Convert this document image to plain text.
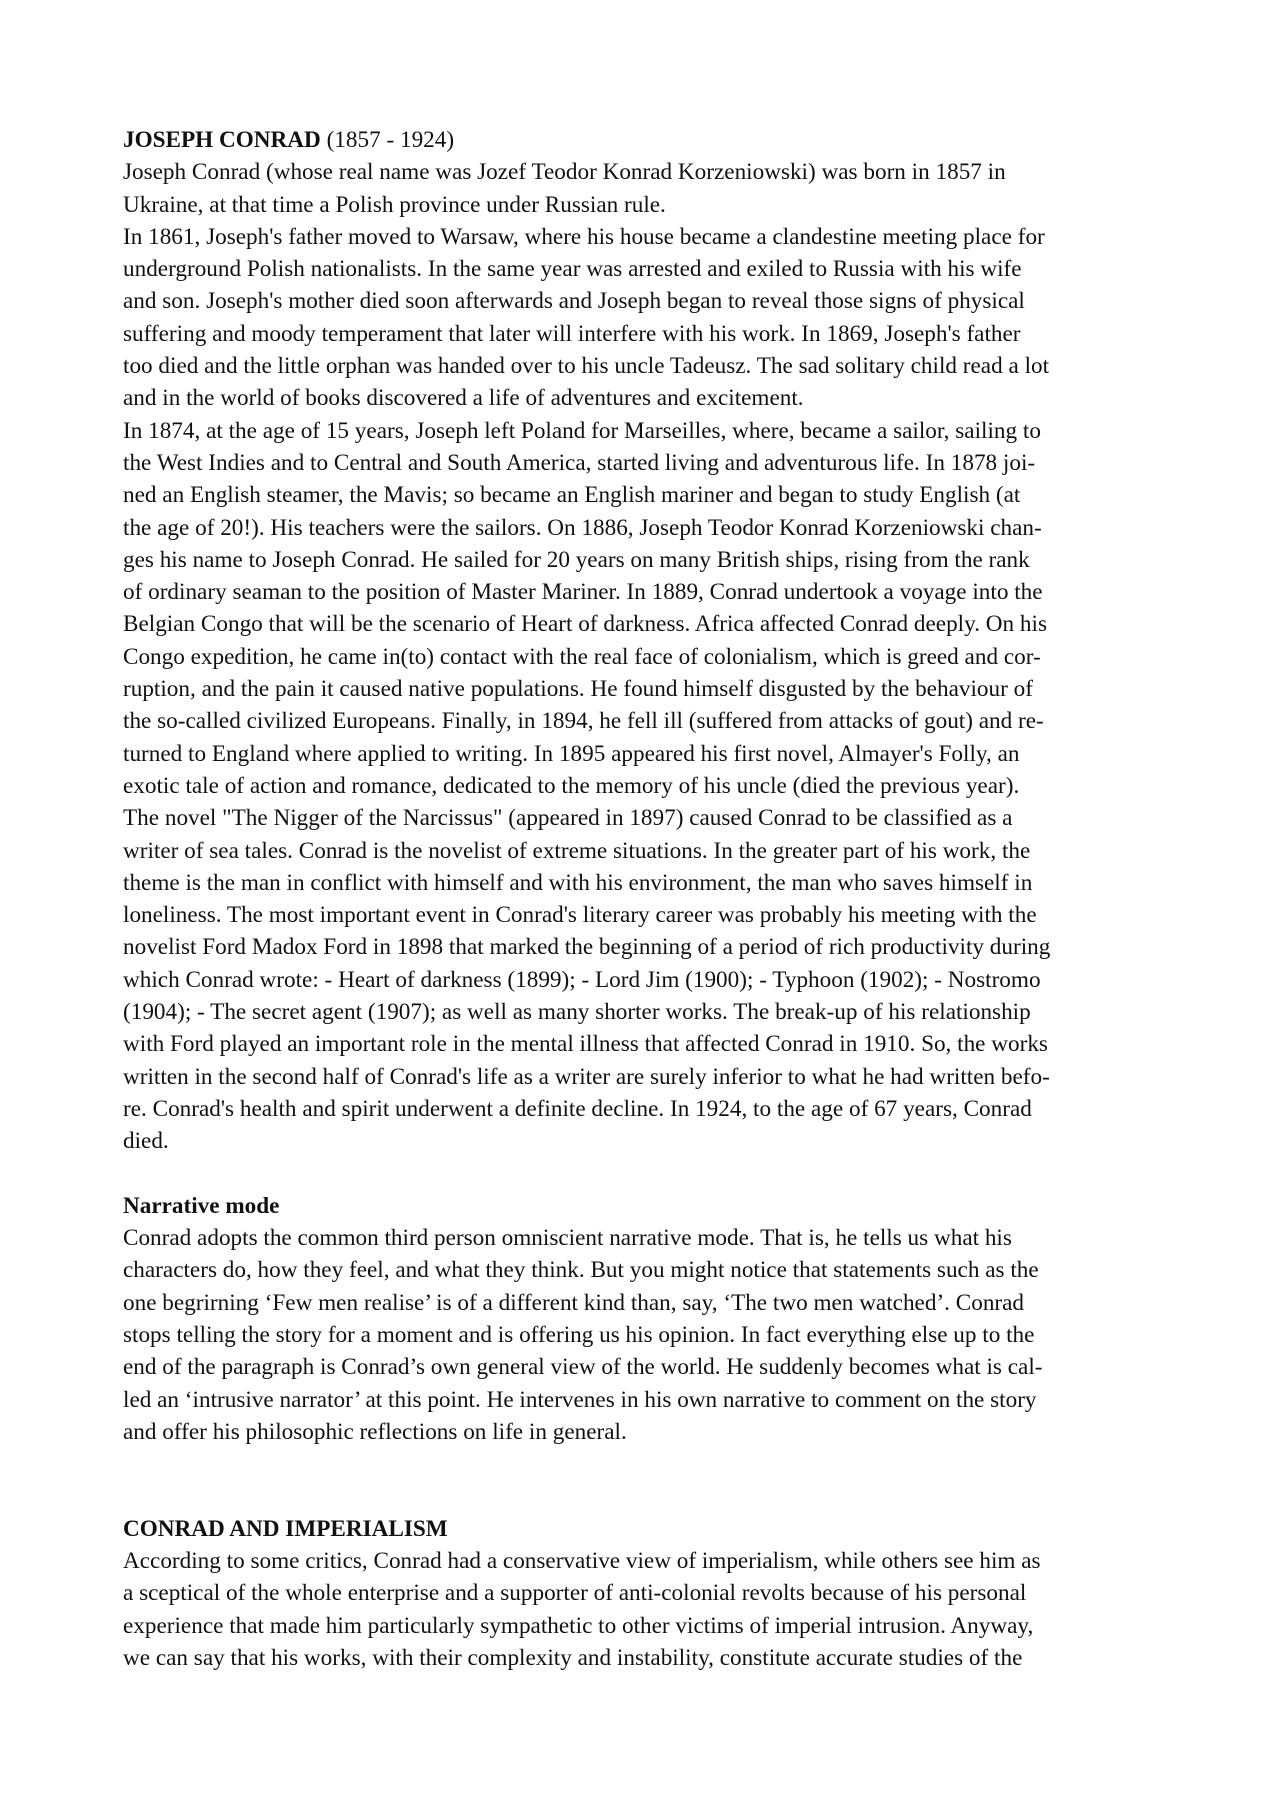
JOSEPH CONRAD (1857 - 1924)
Joseph Conrad (whose real name was Jozef Teodor Konrad Korzeniowski) was born in 1857 in
Ukraine, at that time a Polish province under Russian rule.
In 1861, Joseph's father moved to Warsaw, where his house became a clandestine meeting place for
underground Polish nationalists. In the same year was arrested and exiled to Russia with his wife
and son. Joseph's mother died soon afterwards and Joseph began to reveal those signs of physical
suffering and moody temperament that later will interfere with his work. In 1869, Joseph's father
too died and the little orphan was handed over to his uncle Tadeusz. The sad solitary child read a lot
and in the world of books discovered a life of adventures and excitement.
In 1874, at the age of 15 years, Joseph left Poland for Marseilles, where, became a sailor, sailing to
the West Indies and to Central and South America, started living and adventurous life. In 1878 joi-
ned an English steamer, the Mavis; so became an English mariner and began to study English (at
the age of 20!). His teachers were the sailors. On 1886, Joseph Teodor Konrad Korzeniowski chan-
ges his name to Joseph Conrad. He sailed for 20 years on many British ships, rising from the rank
of ordinary seaman to the position of Master Mariner. In 1889, Conrad undertook a voyage into the
Belgian Congo that will be the scenario of Heart of darkness. Africa affected Conrad deeply. On his
Congo expedition, he came in(to) contact with the real face of colonialism, which is greed and cor-
ruption, and the pain it caused native populations. He found himself disgusted by the behaviour of
the so-called civilized Europeans. Finally, in 1894, he fell ill (suffered from attacks of gout) and re-
turned to England where applied to writing. In 1895 appeared his first novel, Almayer's Folly, an
exotic tale of action and romance, dedicated to the memory of his uncle (died the previous year).
The novel "The Nigger of the Narcissus" (appeared in 1897) caused Conrad to be classified as a
writer of sea tales. Conrad is the novelist of extreme situations. In the greater part of his work, the
theme is the man in conflict with himself and with his environment, the man who saves himself in
loneliness. The most important event in Conrad's literary career was probably his meeting with the
novelist Ford Madox Ford in 1898 that marked the beginning of a period of rich productivity during
which Conrad wrote: - Heart of darkness (1899); - Lord Jim (1900); - Typhoon (1902); - Nostromo
(1904); - The secret agent (1907); as well as many shorter works. The break-up of his relationship
with Ford played an important role in the mental illness that affected Conrad in 1910. So, the works
written in the second half of Conrad's life as a writer are surely inferior to what he had written befo-
re. Conrad's health and spirit underwent a definite decline. In 1924, to the age of 67 years, Conrad
died.
Narrative mode
Conrad adopts the common third person omniscient narrative mode. That is, he tells us what his
characters do, how they feel, and what they think. But you might notice that statements such as the
one begrirning ‘Few men realise’ is of a different kind than, say, ‘The two men watched’. Conrad
stops telling the story for a moment and is offering us his opinion. In fact everything else up to the
end of the paragraph is Conrad’s own general view of the world. He suddenly becomes what is cal-
led an ‘intrusive narrator’ at this point. He intervenes in his own narrative to comment on the story
and offer his philosophic reflections on life in general.
CONRAD AND IMPERIALISM
According to some critics, Conrad had a conservative view of imperialism, while others see him as
a sceptical of the whole enterprise and a supporter of anti-colonial revolts because of his personal
experience that made him particularly sympathetic to other victims of imperial intrusion. Anyway,
we can say that his works, with their complexity and instability, constitute accurate studies of the
